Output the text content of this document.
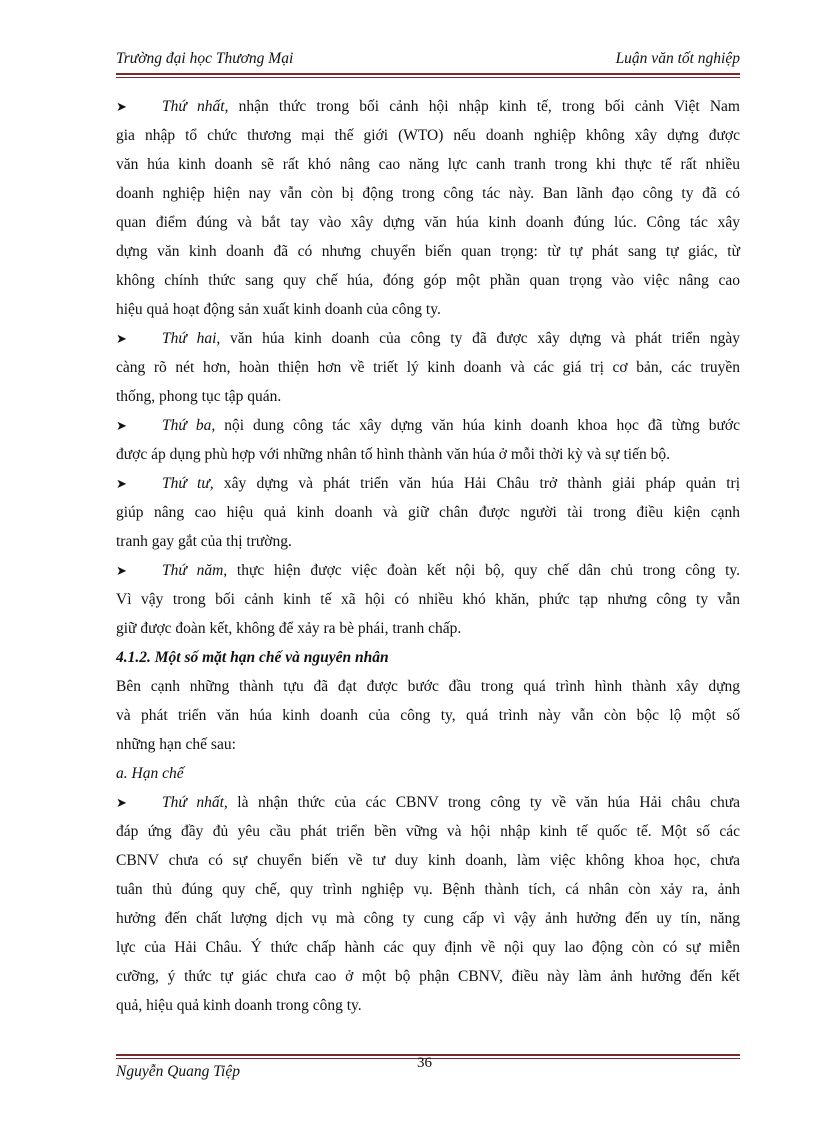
Trường đại học Thương Mại	Luận văn tốt nghiệp
➤ Thứ nhất, nhận thức trong bối cảnh hội nhập kinh tế, trong bối cảnh Việt Nam
gia nhập tổ chức thương mại thế giới (WTO) nếu doanh nghiệp không xây dựng được
văn húa kinh doanh sẽ rất khó nâng cao năng lực canh tranh trong khi thực tế rất nhiều
doanh nghiệp hiện nay vẫn còn bị động trong công tác này. Ban lãnh đạo công ty đã có
quan điểm đúng và bắt tay vào xây dựng văn húa kinh doanh đúng lúc. Công tác xây
dựng văn kinh doanh đã có nhưng chuyển biến quan trọng: từ tự phát sang tự giác, từ
không chính thức sang quy chế húa, đóng góp một phần quan trọng vào việc nâng cao
hiệu quả hoạt động sản xuất kinh doanh của công ty.
➤ Thứ hai, văn húa kinh doanh của công ty đã được xây dựng và phát triển ngày
càng rõ nét hơn, hoàn thiện hơn về triết lý kinh doanh và các giá trị cơ bản, các truyền
thống, phong tục tập quán.
➤ Thứ ba, nội dung công tác xây dựng văn húa kinh doanh khoa học đã từng bước
được áp dụng phù hợp với những nhân tố hình thành văn húa ở mỗi thời kỳ và sự tiến bộ.
➤ Thứ tư, xây dựng và phát triển văn húa Hải Châu trở thành giải pháp quản trị
giúp nâng cao hiệu quả kinh doanh và giữ chân được người tài trong điều kiện cạnh
tranh gay gắt của thị trường.
➤ Thứ năm, thực hiện được việc đoàn kết nội bộ, quy chế dân chủ trong công ty.
Vì vậy trong bối cảnh kinh tế xã hội có nhiều khó khăn, phức tạp nhưng công ty vẫn
giữ được đoàn kết, không để xảy ra bè phái, tranh chấp.
4.1.2. Một số mặt hạn chế và nguyên nhân
Bên cạnh những thành tựu đã đạt được bước đầu trong quá trình hình thành xây dựng
và phát triển văn húa kinh doanh của công ty, quá trình này vẫn còn bộc lộ một số
những hạn chế sau:
a. Hạn chế
➤ Thứ nhất, là nhận thức của các CBNV trong công ty về văn húa Hải châu chưa
đáp ứng đầy đủ yêu cầu phát triển bền vững và hội nhập kinh tế quốc tế. Một số các
CBNV chưa có sự chuyển biến về tư duy kinh doanh, làm việc không khoa học, chưa
tuân thủ đúng quy chế, quy trình nghiệp vụ. Bệnh thành tích, cá nhân còn xảy ra, ảnh
hưởng đến chất lượng dịch vụ mà công ty cung cấp vì vậy ảnh hưởng đến uy tín, năng
lực của Hải Châu. Ý thức chấp hành các quy định về nội quy lao động còn có sự miễn
cưỡng, ý thức tự giác chưa cao ở một bộ phận CBNV, điều này làm ảnh hưởng đến kết
quả, hiệu quả kinh doanh trong công ty.
36
Nguyễn Quang Tiệp
